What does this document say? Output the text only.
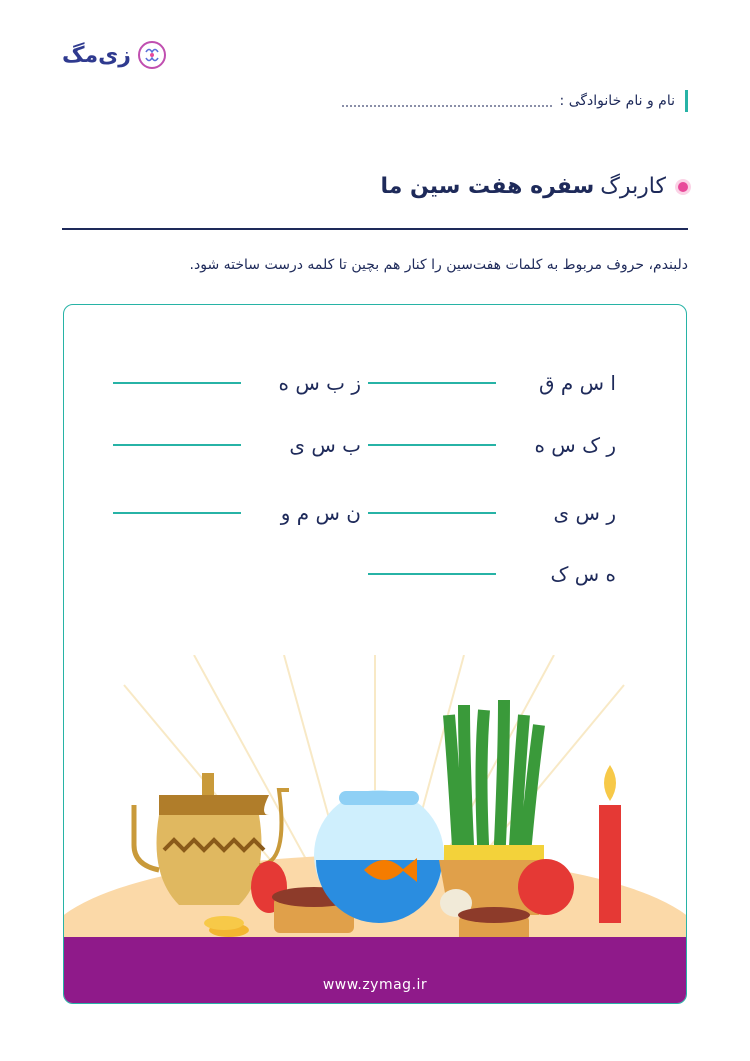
زی‌مگ
نام و نام خانوادگی :
کاربرگ
سفره هفت سین ما
دلبندم، حروف مربوط به کلمات هفت‌سین را کنار هم بچین تا کلمه درست ساخته شود.
ا س م ق
ر ک س ه
ر س ی
ه س ک
ز ب س ه
ب س ی
ن س م و
www.zymag.ir
